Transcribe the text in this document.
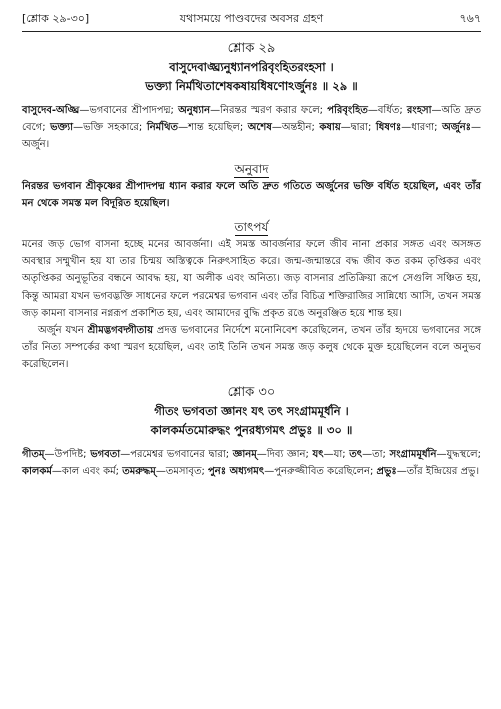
[শ্লোক ২৯-৩০]	যথাসময়ে পাণ্ডবদের অবসর গ্রহণ	৭৬৭
শ্লোক ২৯
বাসুদেবাঙ্ঘ্র্যনুধ্যানপরিবৃংহিতরংহসা ।
ভক্ত্যা নির্মথিতাশেষকষায়ধিষণোঽর্জুনঃ ॥ ২৯ ॥
বাসুদেব-অঙ্ঘ্রি—ভগবানের শ্রীপাদপদ্ম; অনুধ্যান—নিরন্তর স্মরণ করার ফলে; পরিবৃংহিত—বর্ধিত; রংহসা—অতি দ্রুত বেগে; ভক্ত্যা—ভক্তি সহকারে; নির্মথিত—শান্ত হয়েছিল; অশেষ—অন্তহীন; কষায়—দ্বারা; ধিষণঃ—ধারণা; অর্জুনঃ—অর্জুন।
অনুবাদ
নিরন্তর ভগবান শ্রীকৃষ্ণের শ্রীপাদপদ্ম ধ্যান করার ফলে অতি দ্রুত গতিতে অর্জুনের ভক্তি বর্ধিত হয়েছিল, এবং তাঁর মন থেকে সমস্ত মল বিদূরিত হয়েছিল।
তাৎপর্য
মনের জড় ভোগ বাসনা হচ্ছে মনের আবর্জনা। এই সমস্ত আবর্জনার ফলে জীব নানা প্রকার সঙ্গত এবং অসঙ্গত অবস্থার সম্মুখীন হয় যা তার চিন্ময় অস্তিত্বকে নিরুৎসাহিত করে। জন্ম-জন্মান্তরে বদ্ধ জীব কত রকম তৃপ্তিকর এবং অতৃপ্তিকর অনুভূতির বন্ধনে আবদ্ধ হয়, যা অলীক এবং অনিত্য। জড় বাসনার প্রতিক্রিয়া রূপে সেগুলি সঞ্চিত হয়, কিন্তু আমরা যখন ভগবদ্ভক্তি সাধনের ফলে পরমেশ্বর ভগবান এবং তাঁর বিচিত্র শক্তিরাজির সান্নিধ্যে আসি, তখন সমস্ত জড় কামনা বাসনার নগ্নরূপ প্রকাশিত হয়, এবং আমাদের বুদ্ধি প্রকৃত রঙে অনুরঞ্জিত হয়ে শান্ত হয়।
অর্জুন যখন শ্রীমদ্ভগবদ্গীতায় প্রদত্ত ভগবানের নির্দেশে মনোনিবেশ করেছিলেন, তখন তাঁর হৃদয়ে ভগবানের সঙ্গে তাঁর নিত্য সম্পর্কের কথা স্মরণ হয়েছিল, এবং তাই তিনি তখন সমস্ত জড় কলুষ থেকে মুক্ত হয়েছিলেন বলে অনুভব করেছিলেন।
শ্লোক ৩০
গীতং ভগবতা জ্ঞানং যৎ তৎ সংগ্রামমূর্ধনি ।
কালকর্মতমোরুদ্ধং পুনরধ্যগমৎ প্রভুঃ ॥ ৩০ ॥
গীতম্—উপদিষ্ট; ভগবতা—পরমেশ্বর ভগবানের দ্বারা; জ্ঞানম্—দিব্য জ্ঞান; যৎ—যা; তৎ—তা; সংগ্রামমূর্ধনি—যুদ্ধস্থলে; কালকর্ম—কাল এবং কর্ম; তমরুদ্ধম্—তমসাবৃত; পুনঃ অধ্যগমৎ—পুনরুজ্জীবিত করেছিলেন; প্রভুঃ—তাঁর ইন্দ্রিয়ের প্রভু।
